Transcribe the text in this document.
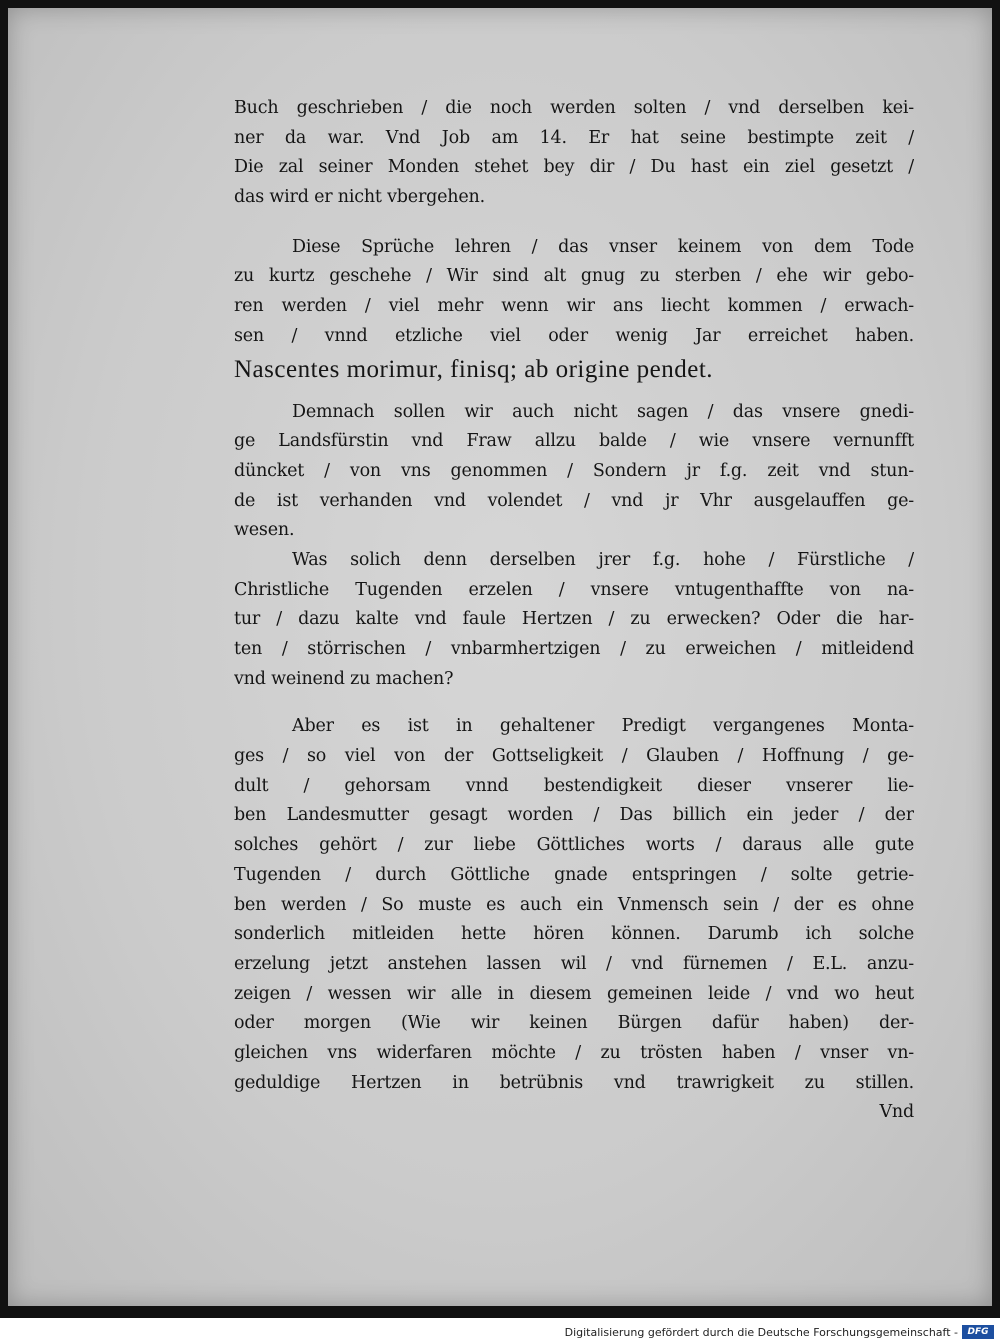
Buch geschrieben / die noch werden solten / vnd derselben kei-
ner da war. Vnd Job am 14. Er hat seine bestimpte zeit /
Die zal seiner Monden stehet bey dir / Du hast ein ziel gesetzt /
das wird er nicht vbergehen.
Diese Sprüche lehren / das vnser keinem von dem Tode
zu kurtz geschehe / Wir sind alt gnug zu sterben / ehe wir gebo-
ren werden / viel mehr wenn wir ans liecht kommen / erwach-
sen / vnnd etzliche viel oder wenig Jar erreichet haben.
Nascentes morimur, finisq; ab origine pendet.
Demnach sollen wir auch nicht sagen / das vnsere gnedi-
ge Landsfürstin vnd Fraw allzu balde / wie vnsere vernunfft
düncket / von vns genommen / Sondern jr f.g. zeit vnd stun-
de ist verhanden vnd volendet / vnd jr Vhr ausgelauffen ge-
wesen.
Was solich denn derselben jrer f.g. hohe / Fürstliche /
Christliche Tugenden erzelen / vnsere vntugenthaffte von na-
tur / dazu kalte vnd faule Hertzen / zu erwecken? Oder die har-
ten / störrischen / vnbarmhertzigen / zu erweichen / mitleidend
vnd weinend zu machen?
Aber es ist in gehaltener Predigt vergangenes Monta-
ges / so viel von der Gottseligkeit / Glauben / Hoffnung / ge-
dult / gehorsam vnnd bestendigkeit dieser vnserer lie-
ben Landesmutter gesagt worden / Das billich ein jeder / der
solches gehört / zur liebe Göttliches worts / daraus alle gute
Tugenden / durch Göttliche gnade entspringen / solte getrie-
ben werden / So muste es auch ein Vnmensch sein / der es ohne
sonderlich mitleiden hette hören können. Darumb ich solche
erzelung jetzt anstehen lassen wil / vnd fürnemen / E.L. anzu-
zeigen / wessen wir alle in diesem gemeinen leide / vnd wo heut
oder morgen (Wie wir keinen Bürgen dafür haben) der-
gleichen vns widerfaren möchte / zu trösten haben / vnser vn-
geduldige Hertzen in betrübnis vnd trawrigkeit zu stillen.
Vnd
Digitalisierung gefördert durch die Deutsche Forschungsgemeinschaft -	DFG
